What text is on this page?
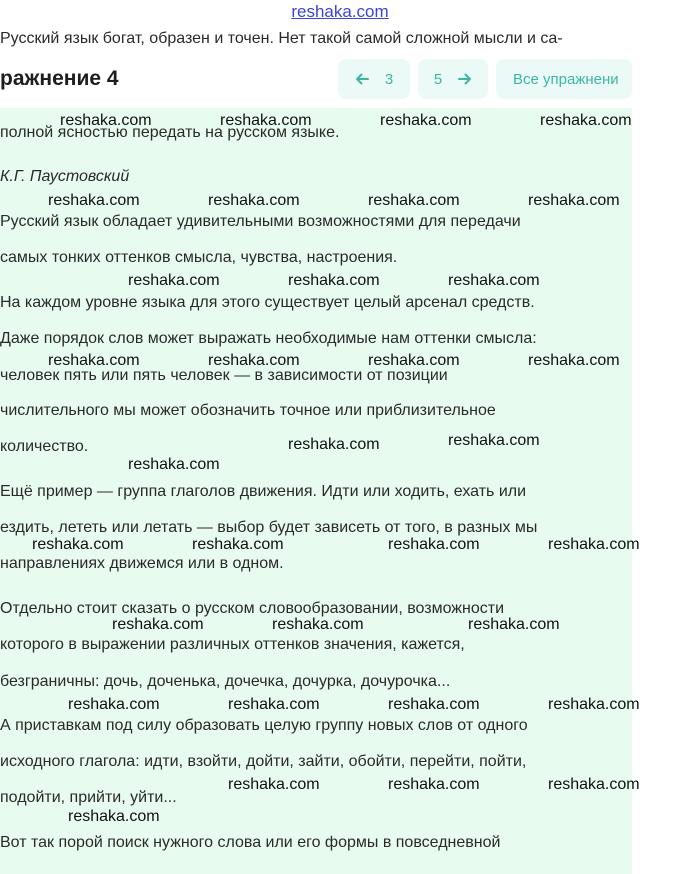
reshaka.com
Русский язык богат, образен и точен. Нет такой самой сложной мысли и са-
ражнение 4	3	5	Все упражнени
полной ясностью передать на русском языке.
К.Г. Паустовский
Русский язык обладает удивительными возможностями для передачи
самых тонких оттенков смысла, чувства, настроения.
На каждом уровне языка для этого существует целый арсенал средств.
Даже порядок слов может выражать необходимые нам оттенки смысла:
человек пять или пять человек — в зависимости от позиции
числительного мы может обозначить точное или приблизительное
количество.
Ещё пример — группа глаголов движения. Идти или ходить, ехать или
ездить, лететь или летать — выбор будет зависеть от того, в разных мы
направлениях движемся или в одном.
Отдельно стоит сказать о русском словообразовании, возможности
которого в выражении различных оттенков значения, кажется,
безграничны: дочь, доченька, дочечка, дочурка, дочурочка...
А приставкам под силу образовать целую группу новых слов от одного
исходного глагола: идти, взойти, дойти, зайти, обойти, перейти, пойти,
подойти, прийти, уйти...
Вот так порой поиск нужного слова или его формы в повседневной
reshaka.com	reshaka.com	reshaka.com	reshaka.com
reshaka.com	reshaka.com	reshaka.com	reshaka.com
reshaka.com	reshaka.com	reshaka.com
reshaka.com	reshaka.com	reshaka.com	reshaka.com
reshaka.com	reshaka.com
reshaka.com
reshaka.com	reshaka.com	reshaka.com	reshaka.com
reshaka.com	reshaka.com	reshaka.com
reshaka.com	reshaka.com	reshaka.com	reshaka.com
reshaka.com	reshaka.com	reshaka.com
reshaka.com
